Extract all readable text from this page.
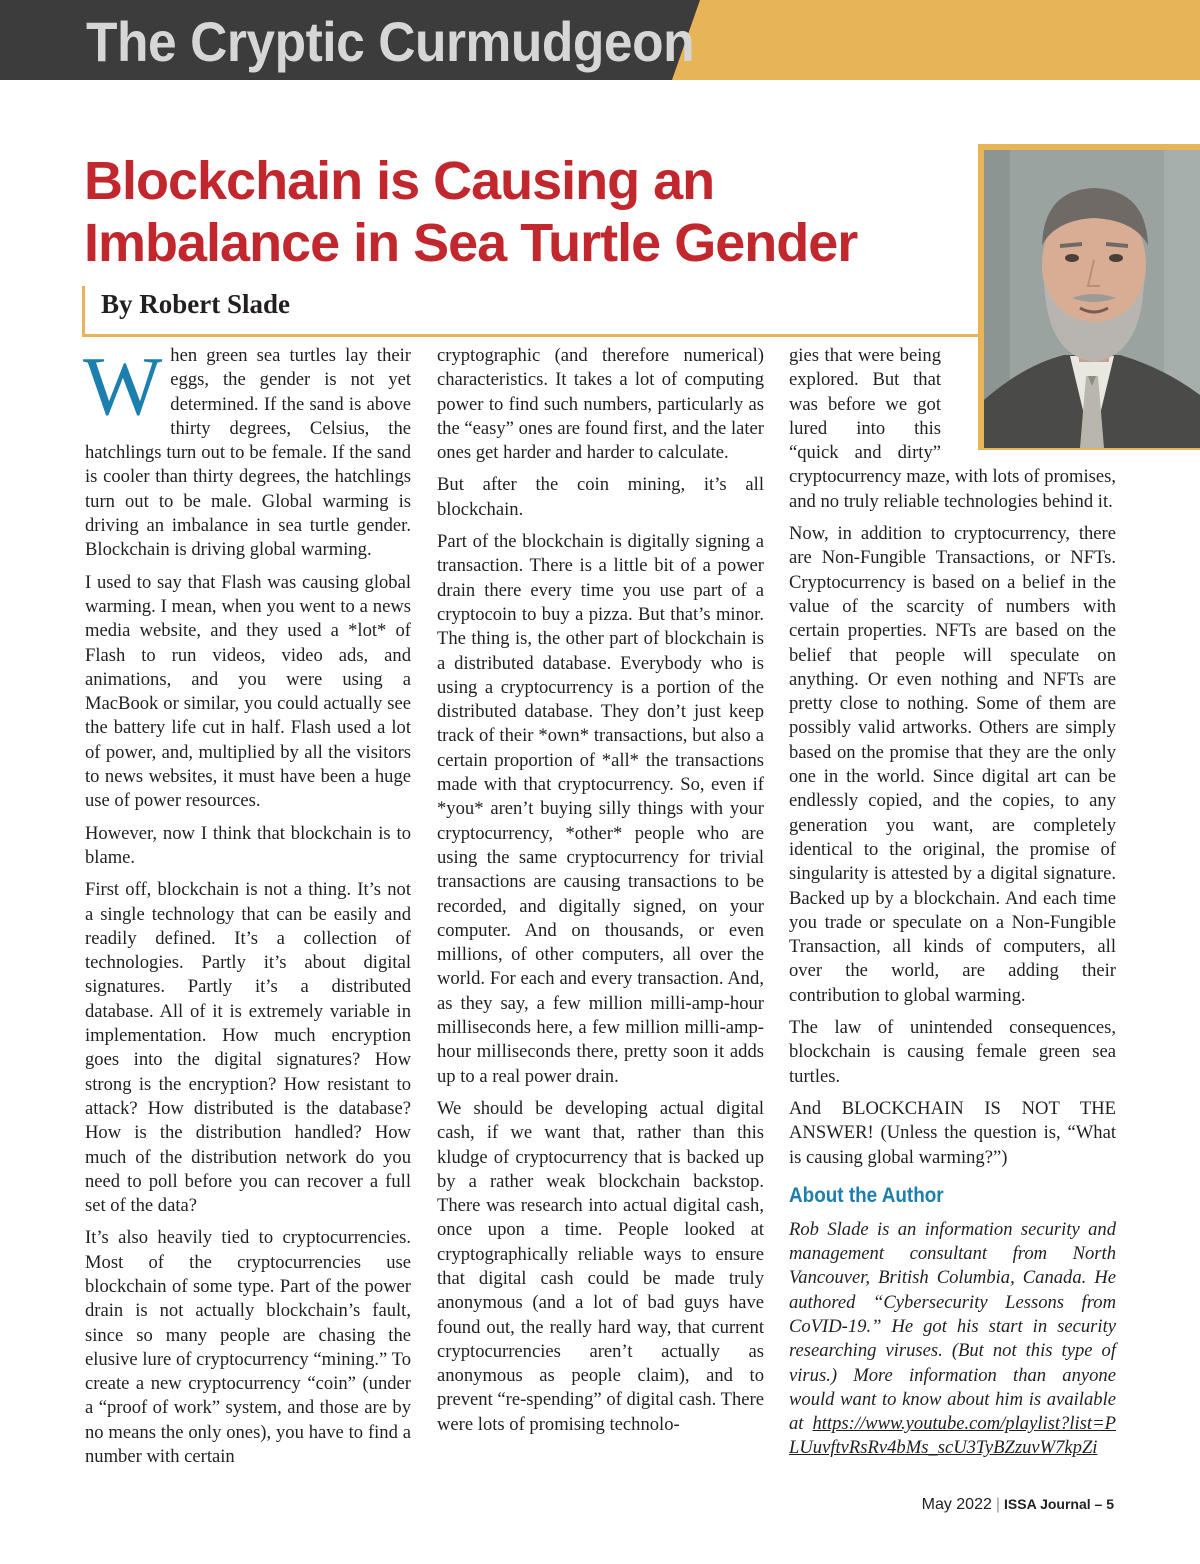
The Cryptic Curmudgeon
Blockchain is Causing an Imbalance in Sea Turtle Gender
By Robert Slade

When green sea turtles lay their eggs, the gender is not yet determined. If the sand is above thirty degrees, Celsius, the hatchlings turn out to be female. If the sand is cooler than thirty degrees, the hatchlings turn out to be male. Global warming is driving an imbalance in sea turtle gender. Blockchain is driving global warming.

I used to say that Flash was causing global warming. I mean, when you went to a news media website, and they used a *lot* of Flash to run videos, video ads, and animations, and you were using a MacBook or similar, you could actually see the battery life cut in half. Flash used a lot of power, and, multiplied by all the visitors to news websites, it must have been a huge use of power resources.

However, now I think that blockchain is to blame.

First off, blockchain is not a thing. It’s not a single technology that can be easily and readily defined. It’s a collection of technologies. Partly it’s about digital signatures. Partly it’s a distributed database. All of it is extremely variable in implementation. How much encryption goes into the digital signatures? How strong is the encryption? How resistant to attack? How distributed is the database? How is the distribution handled? How much of the distribution network do you need to poll before you can recover a full set of the data?

It’s also heavily tied to cryptocurrencies. Most of the cryptocurrencies use blockchain of some type. Part of the power drain is not actually blockchain’s fault, since so many people are chasing the elusive lure of cryptocurrency “mining.” To create a new cryptocurrency “coin” (under a “proof of work” system, and those are by no means the only ones), you have to find a number with certain

cryptographic (and therefore numerical) characteristics. It takes a lot of computing power to find such numbers, particularly as the “easy” ones are found first, and the later ones get harder and harder to calculate.

But after the coin mining, it’s all blockchain.

Part of the blockchain is digitally signing a transaction. There is a little bit of a power drain there every time you use part of a cryptocoin to buy a pizza. But that’s minor. The thing is, the other part of blockchain is a distributed database. Everybody who is using a cryptocurrency is a portion of the distributed database. They don’t just keep track of their *own* transactions, but also a certain proportion of *all* the transactions made with that cryptocurrency. So, even if *you* aren’t buying silly things with your cryptocurrency, *other* people who are using the same cryptocurrency for trivial transactions are causing transactions to be recorded, and digitally signed, on your computer. And on thousands, or even millions, of other computers, all over the world. For each and every transaction. And, as they say, a few million milli-amp-hour milliseconds here, a few million milli-amp-hour milliseconds there, pretty soon it adds up to a real power drain.

We should be developing actual digital cash, if we want that, rather than this kludge of cryptocurrency that is backed up by a rather weak blockchain backstop. There was research into actual digital cash, once upon a time. People looked at cryptographically reliable ways to ensure that digital cash could be made truly anonymous (and a lot of bad guys have found out, the really hard way, that current cryptocurrencies aren’t actually as anonymous as people claim), and to prevent “re-spending” of digital cash. There were lots of promising technolo-

gies that were being explored. But that was before we got lured into this “quick and dirty” cryptocurrency maze, with lots of promises, and no truly reliable technologies behind it.

Now, in addition to cryptocurrency, there are Non-Fungible Transactions, or NFTs. Cryptocurrency is based on a belief in the value of the scarcity of numbers with certain properties. NFTs are based on the belief that people will speculate on anything. Or even nothing and NFTs are pretty close to nothing. Some of them are possibly valid artworks. Others are simply based on the promise that they are the only one in the world. Since digital art can be endlessly copied, and the copies, to any generation you want, are completely identical to the original, the promise of singularity is attested by a digital signature. Backed up by a blockchain. And each time you trade or speculate on a Non-Fungible Transaction, all kinds of computers, all over the world, are adding their contribution to global warming.

The law of unintended consequences, blockchain is causing female green sea turtles.

And BLOCKCHAIN IS NOT THE ANSWER! (Unless the question is, “What is causing global warming?”)

About the Author

Rob Slade is an information security and management consultant from North Vancouver, British Columbia, Canada. He authored “Cybersecurity Lessons from CoVID-19.” He got his start in security researching viruses. (But not this type of virus.) More information than anyone would want to know about him is available at https://www.youtube.com/playlist?list=PLUuvftvRsRv4bMs_scU3TyBZzuvW7kpZi

May 2022 | ISSA Journal – 5
